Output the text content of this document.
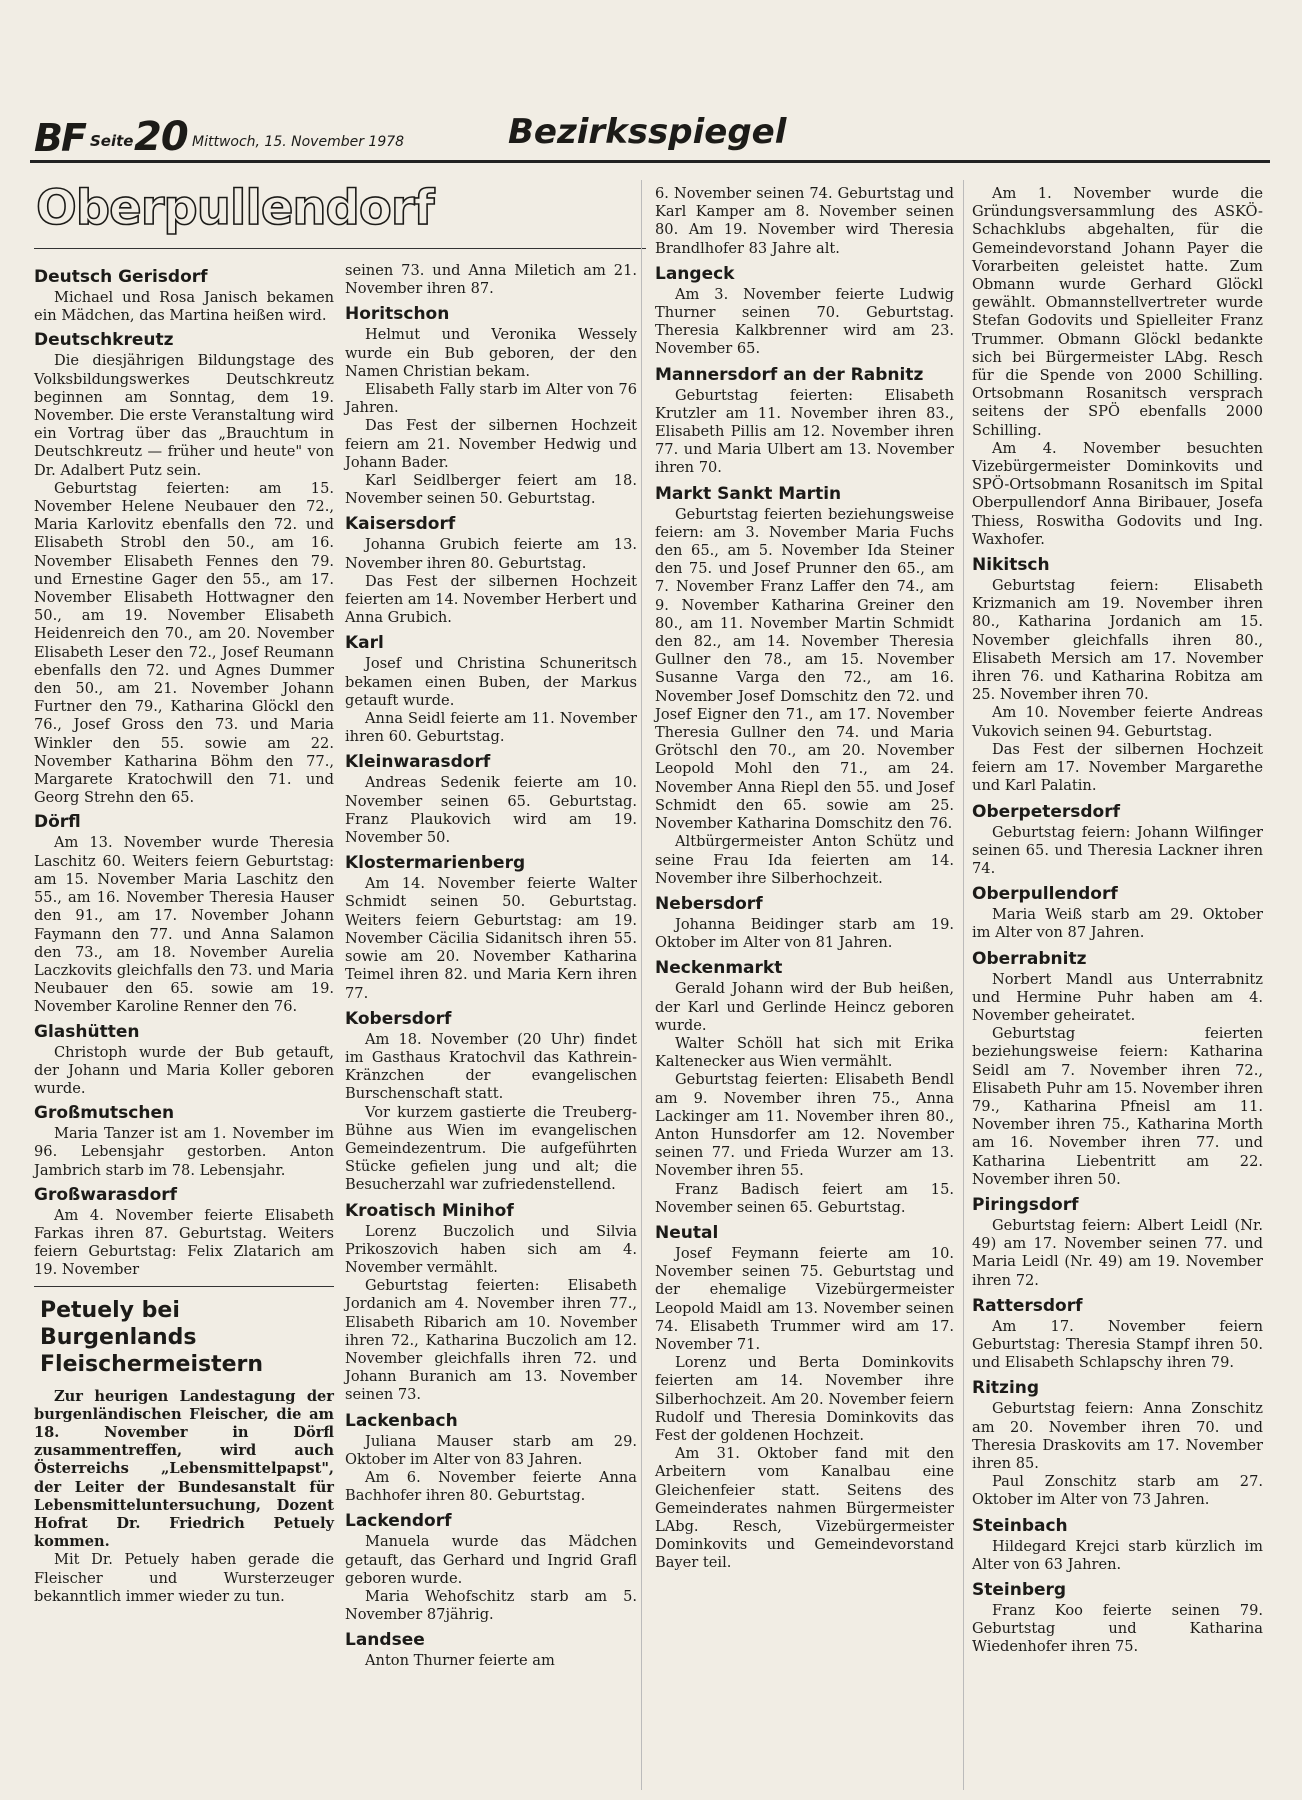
BF Seite 20 Mittwoch, 15. November 1978	Bezirksspiegel
Oberpullendorf
Deutsch Gerisdorf

Michael und Rosa Janisch bekamen ein Mädchen, das Martina heißen wird.

Deutschkreutz

Die diesjährigen Bildungstage des Volksbildungswerkes Deutschkreutz beginnen am Sonntag, dem 19. November. Die erste Veranstaltung wird ein Vortrag über das „Brauchtum in Deutschkreutz — früher und heute" von Dr. Adalbert Putz sein.

Geburtstag feierten: am 15. November Helene Neubauer den 72., Maria Karlovitz ebenfalls den 72. und Elisabeth Strobl den 50., am 16. November Elisabeth Fennes den 79. und Ernestine Gager den 55., am 17. November Elisabeth Hottwagner den 50., am 19. November Elisabeth Heidenreich den 70., am 20. November Elisabeth Leser den 72., Josef Reumann ebenfalls den 72. und Agnes Dummer den 50., am 21. November Johann Furtner den 79., Katharina Glöckl den 76., Josef Gross den 73. und Maria Winkler den 55. sowie am 22. November Katharina Böhm den 77., Margarete Kratochwill den 71. und Georg Strehn den 65.

Dörfl

Am 13. November wurde Theresia Laschitz 60. Weiters feiern Geburtstag: am 15. November Maria Laschitz den 55., am 16. November Theresia Hauser den 91., am 17. November Johann Faymann den 77. und Anna Salamon den 73., am 18. November Aurelia Laczkovits gleichfalls den 73. und Maria Neubauer den 65. sowie am 19. November Karoline Renner den 76.

Glashütten

Christoph wurde der Bub getauft, der Johann und Maria Koller geboren wurde.

Großmutschen

Maria Tanzer ist am 1. November im 96. Lebensjahr gestorben. Anton Jambrich starb im 78. Lebensjahr.

Großwarasdorf

Am 4. November feierte Elisabeth Farkas ihren 87. Geburtstag. Weiters feiern Geburtstag: Felix Zlatarich am 19. November

Petuely bei Burgenlands Fleischermeistern

Zur heurigen Landestagung der burgenländischen Fleischer, die am 18. November in Dörfl zusammentreffen, wird auch Österreichs „Lebensmittelpapst", der Leiter der Bundesanstalt für Lebensmitteluntersuchung, Dozent Hofrat Dr. Friedrich Petuely kommen.

Mit Dr. Petuely haben gerade die Fleischer und Wursterzeuger bekanntlich immer wieder zu tun.

seinen 73. und Anna Miletich am 21. November ihren 87.

Horitschon

Helmut und Veronika Wessely wurde ein Bub geboren, der den Namen Christian bekam.

Elisabeth Fally starb im Alter von 76 Jahren.

Das Fest der silbernen Hochzeit feiern am 21. November Hedwig und Johann Bader.

Karl Seidlberger feiert am 18. November seinen 50. Geburtstag.

Kaisersdorf

Johanna Grubich feierte am 13. November ihren 80. Geburtstag.

Das Fest der silbernen Hochzeit feierten am 14. November Herbert und Anna Grubich.

Karl

Josef und Christina Schuneritsch bekamen einen Buben, der Markus getauft wurde.

Anna Seidl feierte am 11. November ihren 60. Geburtstag.

Kleinwarasdorf

Andreas Sedenik feierte am 10. November seinen 65. Geburtstag. Franz Plaukovich wird am 19. November 50.

Klostermarienberg

Am 14. November feierte Walter Schmidt seinen 50. Geburtstag. Weiters feiern Geburtstag: am 19. November Cäcilia Sidanitsch ihren 55. sowie am 20. November Katharina Teimel ihren 82. und Maria Kern ihren 77.

Kobersdorf

Am 18. November (20 Uhr) findet im Gasthaus Kratochvil das Kathrein-Kränzchen der evangelischen Burschenschaft statt.

Vor kurzem gastierte die Treuberg-Bühne aus Wien im evangelischen Gemeindezentrum. Die aufgeführten Stücke gefielen jung und alt; die Besucherzahl war zufriedenstellend.

Kroatisch Minihof

Lorenz Buczolich und Silvia Prikoszovich haben sich am 4. November vermählt.

Geburtstag feierten: Elisabeth Jordanich am 4. November ihren 77., Elisabeth Ribarich am 10. November ihren 72., Katharina Buczolich am 12. November gleichfalls ihren 72. und Johann Buranich am 13. November seinen 73.

Lackenbach

Juliana Mauser starb am 29. Oktober im Alter von 83 Jahren.

Am 6. November feierte Anna Bachhofer ihren 80. Geburtstag.

Lackendorf

Manuela wurde das Mädchen getauft, das Gerhard und Ingrid Grafl geboren wurde.

Maria Wehofschitz starb am 5. November 87jährig.

Landsee

Anton Thurner feierte am

6. November seinen 74. Geburtstag und Karl Kamper am 8. November seinen 80. Am 19. November wird Theresia Brandlhofer 83 Jahre alt.

Langeck

Am 3. November feierte Ludwig Thurner seinen 70. Geburtstag. Theresia Kalkbrenner wird am 23. November 65.

Mannersdorf an der Rabnitz

Geburtstag feierten: Elisabeth Krutzler am 11. November ihren 83., Elisabeth Pillis am 12. November ihren 77. und Maria Ulbert am 13. November ihren 70.

Markt Sankt Martin

Geburtstag feierten beziehungsweise feiern: am 3. November Maria Fuchs den 65., am 5. November Ida Steiner den 75. und Josef Prunner den 65., am 7. November Franz Laffer den 74., am 9. November Katharina Greiner den 80., am 11. November Martin Schmidt den 82., am 14. November Theresia Gullner den 78., am 15. November Susanne Varga den 72., am 16. November Josef Domschitz den 72. und Josef Eigner den 71., am 17. November Theresia Gullner den 74. und Maria Grötschl den 70., am 20. November Leopold Mohl den 71., am 24. November Anna Riepl den 55. und Josef Schmidt den 65. sowie am 25. November Katharina Domschitz den 76.

Altbürgermeister Anton Schütz und seine Frau Ida feierten am 14. November ihre Silberhochzeit.

Nebersdorf

Johanna Beidinger starb am 19. Oktober im Alter von 81 Jahren.

Neckenmarkt

Gerald Johann wird der Bub heißen, der Karl und Gerlinde Heincz geboren wurde.

Walter Schöll hat sich mit Erika Kaltenecker aus Wien vermählt.

Geburtstag feierten: Elisabeth Bendl am 9. November ihren 75., Anna Lackinger am 11. November ihren 80., Anton Hunsdorfer am 12. November seinen 77. und Frieda Wurzer am 13. November ihren 55.

Franz Badisch feiert am 15. November seinen 65. Geburtstag.

Neutal

Josef Feymann feierte am 10. November seinen 75. Geburtstag und der ehemalige Vizebürgermeister Leopold Maidl am 13. November seinen 74. Elisabeth Trummer wird am 17. November 71.

Lorenz und Berta Dominkovits feierten am 14. November ihre Silberhochzeit. Am 20. November feiern Rudolf und Theresia Dominkovits das Fest der goldenen Hochzeit.

Am 31. Oktober fand mit den Arbeitern vom Kanalbau eine Gleichenfeier statt. Seitens des Gemeinderates nahmen Bürgermeister LAbg. Resch, Vizebürgermeister Dominkovits und Gemeindevorstand Bayer teil.

Am 1. November wurde die Gründungsversammlung des ASKÖ-Schachklubs abgehalten, für die Gemeindevorstand Johann Payer die Vorarbeiten geleistet hatte. Zum Obmann wurde Gerhard Glöckl gewählt. Obmannstellvertreter wurde Stefan Godovits und Spielleiter Franz Trummer. Obmann Glöckl bedankte sich bei Bürgermeister LAbg. Resch für die Spende von 2000 Schilling. Ortsobmann Rosanitsch versprach seitens der SPÖ ebenfalls 2000 Schilling.

Am 4. November besuchten Vizebürgermeister Dominkovits und SPÖ-Ortsobmann Rosanitsch im Spital Oberpullendorf Anna Biribauer, Josefa Thiess, Roswitha Godovits und Ing. Waxhofer.

Nikitsch

Geburtstag feiern: Elisabeth Krizmanich am 19. November ihren 80., Katharina Jordanich am 15. November gleichfalls ihren 80., Elisabeth Mersich am 17. November ihren 76. und Katharina Robitza am 25. November ihren 70.

Am 10. November feierte Andreas Vukovich seinen 94. Geburtstag.

Das Fest der silbernen Hochzeit feiern am 17. November Margarethe und Karl Palatin.

Oberpetersdorf

Geburtstag feiern: Johann Wilfinger seinen 65. und Theresia Lackner ihren 74.

Oberpullendorf

Maria Weiß starb am 29. Oktober im Alter von 87 Jahren.

Oberrabnitz

Norbert Mandl aus Unterrabnitz und Hermine Puhr haben am 4. November geheiratet.

Geburtstag feierten beziehungsweise feiern: Katharina Seidl am 7. November ihren 72., Elisabeth Puhr am 15. November ihren 79., Katharina Pfneisl am 11. November ihren 75., Katharina Morth am 16. November ihren 77. und Katharina Liebentritt am 22. November ihren 50.

Piringsdorf

Geburtstag feiern: Albert Leidl (Nr. 49) am 17. November seinen 77. und Maria Leidl (Nr. 49) am 19. November ihren 72.

Rattersdorf

Am 17. November feiern Geburtstag: Theresia Stampf ihren 50. und Elisabeth Schlapschy ihren 79.

Ritzing

Geburtstag feiern: Anna Zonschitz am 20. November ihren 70. und Theresia Draskovits am 17. November ihren 85.

Paul Zonschitz starb am 27. Oktober im Alter von 73 Jahren.

Steinbach

Hildegard Krejci starb kürzlich im Alter von 63 Jahren.

Steinberg

Franz Koo feierte seinen 79. Geburtstag und Katharina Wiedenhofer ihren 75.
